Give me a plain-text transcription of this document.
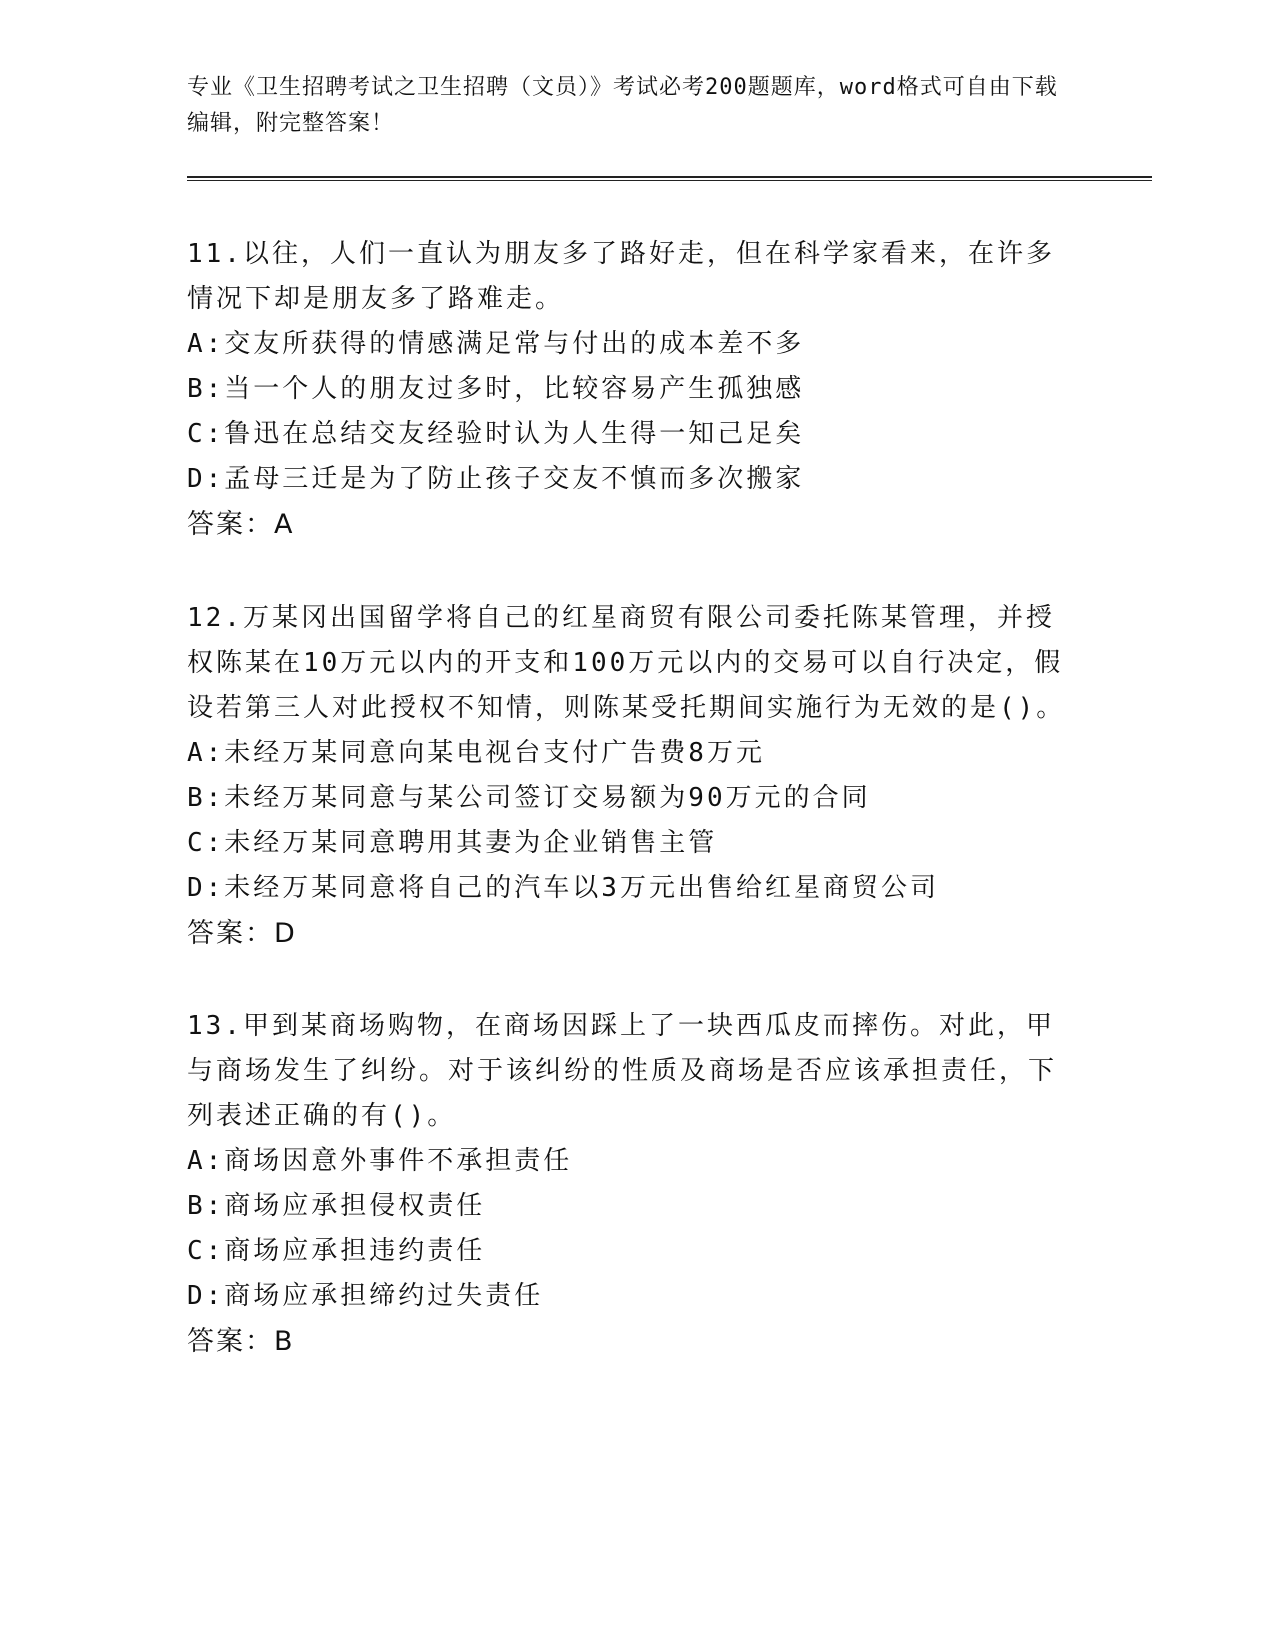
专业《卫生招聘考试之卫生招聘（文员）》考试必考200题题库，word格式可自由下载编辑，附完整答案！

11.以往，人们一直认为朋友多了路好走，但在科学家看来，在许多情况下却是朋友多了路难走。

A:交友所获得的情感满足常与付出的成本差不多

B:当一个人的朋友过多时，比较容易产生孤独感

C:鲁迅在总结交友经验时认为人生得一知己足矣

D:孟母三迁是为了防止孩子交友不慎而多次搬家

答案：A

12.万某冈出国留学将自己的红星商贸有限公司委托陈某管理，并授权陈某在10万元以内的开支和100万元以内的交易可以自行决定，假设若第三人对此授权不知情，则陈某受托期间实施行为无效的是()。

A:未经万某同意向某电视台支付广告费8万元

B:未经万某同意与某公司签订交易额为90万元的合同

C:未经万某同意聘用其妻为企业销售主管

D:未经万某同意将自己的汽车以3万元出售给红星商贸公司

答案：D

13.甲到某商场购物，在商场因踩上了一块西瓜皮而摔伤。对此，甲与商场发生了纠纷。对于该纠纷的性质及商场是否应该承担责任，下列表述正确的有()。

A:商场因意外事件不承担责任

B:商场应承担侵权责任

C:商场应承担违约责任

D:商场应承担缔约过失责任

答案：B
